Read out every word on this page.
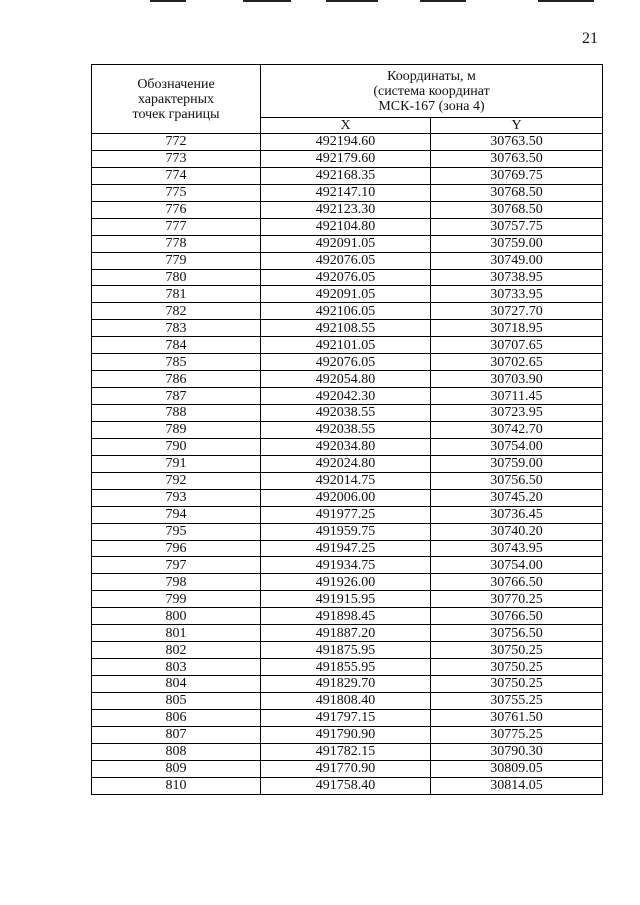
21
Обозначение
характерных
точек границы	Координаты, м
(система координат
МСК-167 (зона 4)	
	X	Y
772	492194.60	30763.50
773	492179.60	30763.50
774	492168.35	30769.75
775	492147.10	30768.50
776	492123.30	30768.50
777	492104.80	30757.75
778	492091.05	30759.00
779	492076.05	30749.00
780	492076.05	30738.95
781	492091.05	30733.95
782	492106.05	30727.70
783	492108.55	30718.95
784	492101.05	30707.65
785	492076.05	30702.65
786	492054.80	30703.90
787	492042.30	30711.45
788	492038.55	30723.95
789	492038.55	30742.70
790	492034.80	30754.00
791	492024.80	30759.00
792	492014.75	30756.50
793	492006.00	30745.20
794	491977.25	30736.45
795	491959.75	30740.20
796	491947.25	30743.95
797	491934.75	30754.00
798	491926.00	30766.50
799	491915.95	30770.25
800	491898.45	30766.50
801	491887.20	30756.50
802	491875.95	30750.25
803	491855.95	30750.25
804	491829.70	30750.25
805	491808.40	30755.25
806	491797.15	30761.50
807	491790.90	30775.25
808	491782.15	30790.30
809	491770.90	30809.05
810	491758.40	30814.05
